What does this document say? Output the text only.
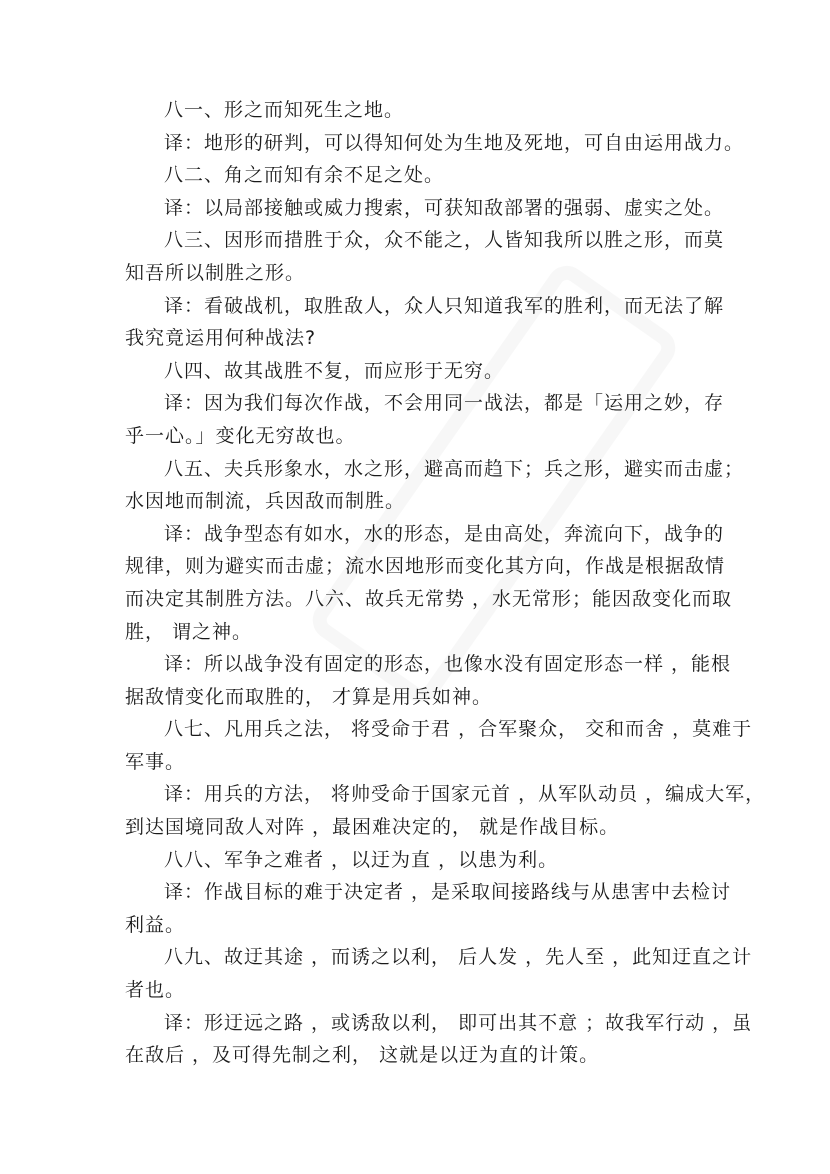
八一、形之而知死生之地。
译：地形的研判，可以得知何处为生地及死地，可自由运用战力。
八二、角之而知有余不足之处。
译：以局部接触或威力搜索，可获知敌部署的强弱、虚实之处。
八三、因形而措胜于众，众不能之，人皆知我所以胜之形，而莫
知吾所以制胜之形。
译：看破战机，取胜敌人，众人只知道我军的胜利，而无法了解
我究竟运用何种战法?
八四、故其战胜不复，而应形于无穷。
译：因为我们每次作战，不会用同一战法，都是「运用之妙，存
乎一心。」变化无穷故也。
八五、夫兵形象水，水之形，避高而趋下；兵之形，避实而击虚；
水因地而制流，兵因敌而制胜。
译：战争型态有如水，水的形态，是由高处，奔流向下，战争的
规律，则为避实而击虚；流水因地形而变化其方向，作战是根据敌情
而决定其制胜方法。八六、故兵无常势 ，水无常形；能因敌变化而取
胜， 谓之神。
译：所以战争没有固定的形态，也像水没有固定形态一样 ，能根
据敌情变化而取胜的， 才算是用兵如神。
八七、凡用兵之法， 将受命于君 ，合军聚众， 交和而舍 ，莫难于
军事。
译：用兵的方法， 将帅受命于国家元首 ，从军队动员 ，编成大军，
到达国境同敌人对阵 ，最困难决定的， 就是作战目标。
八八、军争之难者 ，以迂为直 ，以患为利。
译：作战目标的难于决定者 ，是采取间接路线与从患害中去检讨
利益。
八九、故迂其途 ，而诱之以利， 后人发 ，先人至 ，此知迂直之计
者也。
译：形迂远之路 ，或诱敌以利， 即可出其不意 ；故我军行动 ，虽
在敌后 ，及可得先制之利， 这就是以迂为直的计策。
